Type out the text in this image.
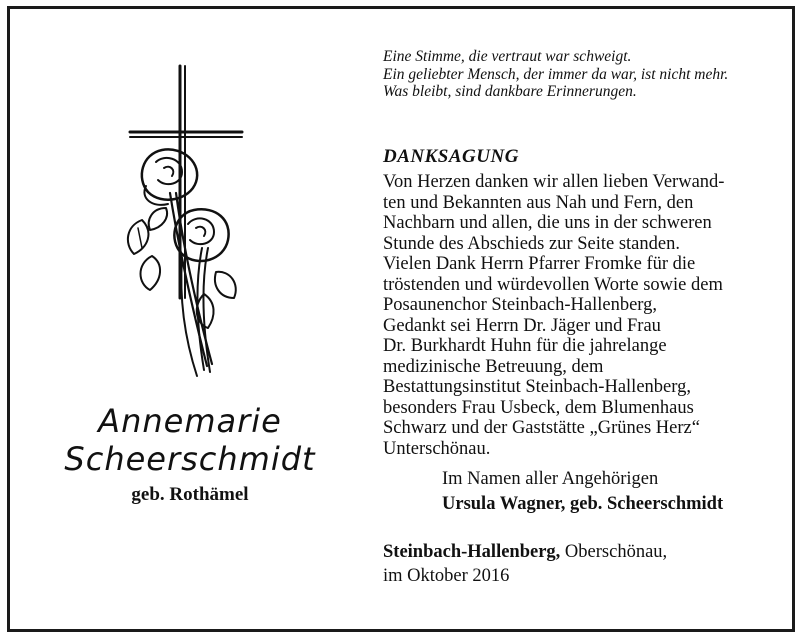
Annemarie
Scheerschmidt
geb. Rothämel
Eine Stimme, die vertraut war schweigt.
Ein geliebter Mensch, der immer da war, ist nicht mehr.
Was bleibt, sind dankbare Erinnerungen.
DANKSAGUNG
Von Herzen danken wir allen lieben Verwand-
ten und Bekannten aus Nah und Fern, den
Nachbarn und allen, die uns in der schweren
Stunde des Abschieds zur Seite standen.
Vielen Dank Herrn Pfarrer Fromke für die
tröstenden und würdevollen Worte sowie dem
Posaunenchor Steinbach-Hallenberg,
Gedankt sei Herrn Dr. Jäger und Frau
Dr. Burkhardt Huhn für die jahrelange
medizinische Betreuung, dem
Bestattungsinstitut Steinbach-Hallenberg,
besonders Frau Usbeck, dem Blumenhaus
Schwarz und der Gaststätte „Grünes Herz“
Unterschönau.
Im Namen aller Angehörigen
Ursula Wagner, geb. Scheerschmidt
Steinbach-Hallenberg, Oberschönau,
im Oktober 2016
